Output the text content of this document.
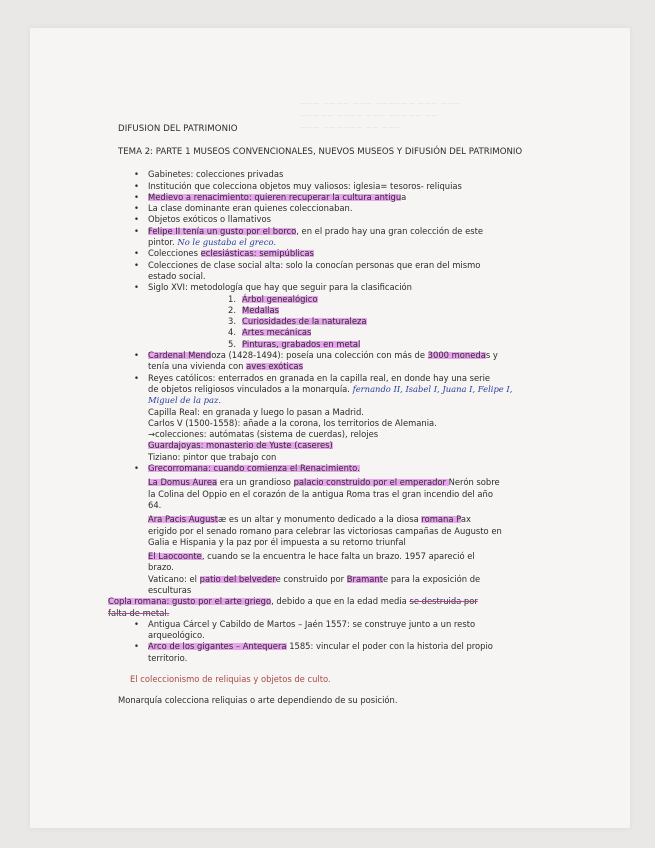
~~~ ~~~~ ~~~ ~~~~~~ ~~~ ~~~
~~~~~ ~~~~ ~~~ ~~~~~ ~~
~~~ ~~~~~~ ~~ ~~~
DIFUSION DEL PATRIMONIO
TEMA 2: PARTE 1 MUSEOS CONVENCIONALES, NUEVOS MUSEOS Y DIFUSIÓN DEL PATRIMONIO
• Gabinetes: colecciones privadas
• Institución que colecciona objetos muy valiosos: iglesia= tesoros- reliquias
• Medievo a renacimiento: quieren recuperar la cultura antigua
• La clase dominante eran quienes coleccionaban.
• Objetos exóticos o llamativos
• Felipe II tenía un gusto por el borco, en el prado hay una gran colección de este
pintor. No le gustaba el greco.
• Colecciones eclesiásticas: semipúblicas
• Colecciones de clase social alta: solo la conocían personas que eran del mismo
estado social.
• Siglo XVI: metodología que hay que seguir para la clasificación
1. Árbol genealógico
2. Medallas
3. Curiosidades de la naturaleza
4. Artes mecánicas
5. Pinturas, grabados en metal
• Cardenal Mendoza (1428-1494): poseía una colección con más de 3000 monedas y
tenía una vivienda con aves exóticas
• Reyes católicos: enterrados en granada en la capilla real, en donde hay una serie
de objetos religiosos vinculados a la monarquía. fernando II, Isabel I, Juana I, Felipe I, Miguel de la paz.
Capilla Real: en granada y luego lo pasan a Madrid.
Carlos V (1500-1558): añade a la corona, los territorios de Alemania.
→colecciones: autómatas (sistema de cuerdas), relojes
Guardajoyas: monasterio de Yuste (caseres)
Tiziano: pintor que trabajo con
• Grecorromana: cuando comienza el Renacimiento.
La Domus Aurea era un grandioso palacio construido por el emperador Nerón sobre
la Colina del Oppio en el corazón de la antigua Roma tras el gran incendio del año
64.
Ara Pacis Augustæ es un altar y monumento dedicado a la diosa romana Pax
erigido por el senado romano para celebrar las victoriosas campañas de Augusto en
Galia e Hispania y la paz por él impuesta a su retorno triunfal
El Laocoonte, cuando se la encuentra le hace falta un brazo. 1957 apareció el
brazo.
Vaticano: el patio del belvedere construido por Bramante para la exposición de
esculturas
Copla romana: gusto por el arte griego, debido a que en la edad media se destruida por
falta de metal.
• Antigua Cárcel y Cabildo de Martos – Jaén 1557: se construye junto a un resto
arqueológico.
• Arco de los gigantes – Antequera 1585: vincular el poder con la historia del propio
territorio.
El coleccionismo de reliquias y objetos de culto.
Monarquía colecciona reliquias o arte dependiendo de su posición.
